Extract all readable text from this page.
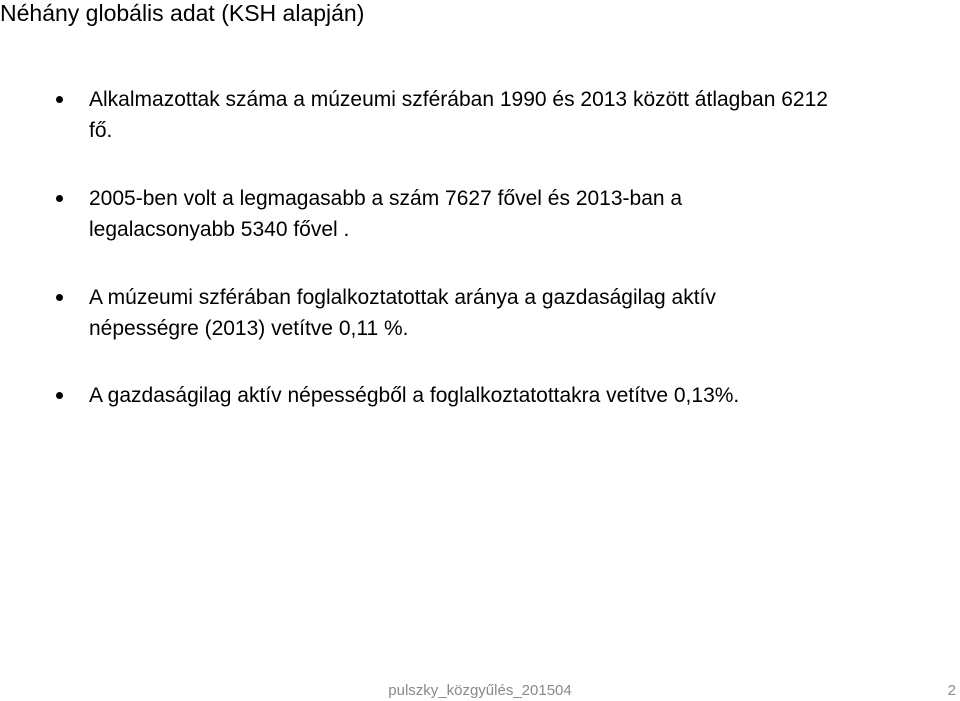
Néhány globális adat (KSH alapján)
Alkalmazottak száma a múzeumi szférában 1990 és 2013 között átlagban 6212 fő.
2005-ben volt a legmagasabb a szám 7627 fővel és 2013-ban a legalacsonyabb 5340 fővel .
A múzeumi szférában foglalkoztatottak aránya a gazdaságilag aktív népességre (2013) vetítve 0,11 %.
A gazdaságilag aktív népességből a foglalkoztatottakra vetítve 0,13%.
pulszky_közgyűlés_201504	2
